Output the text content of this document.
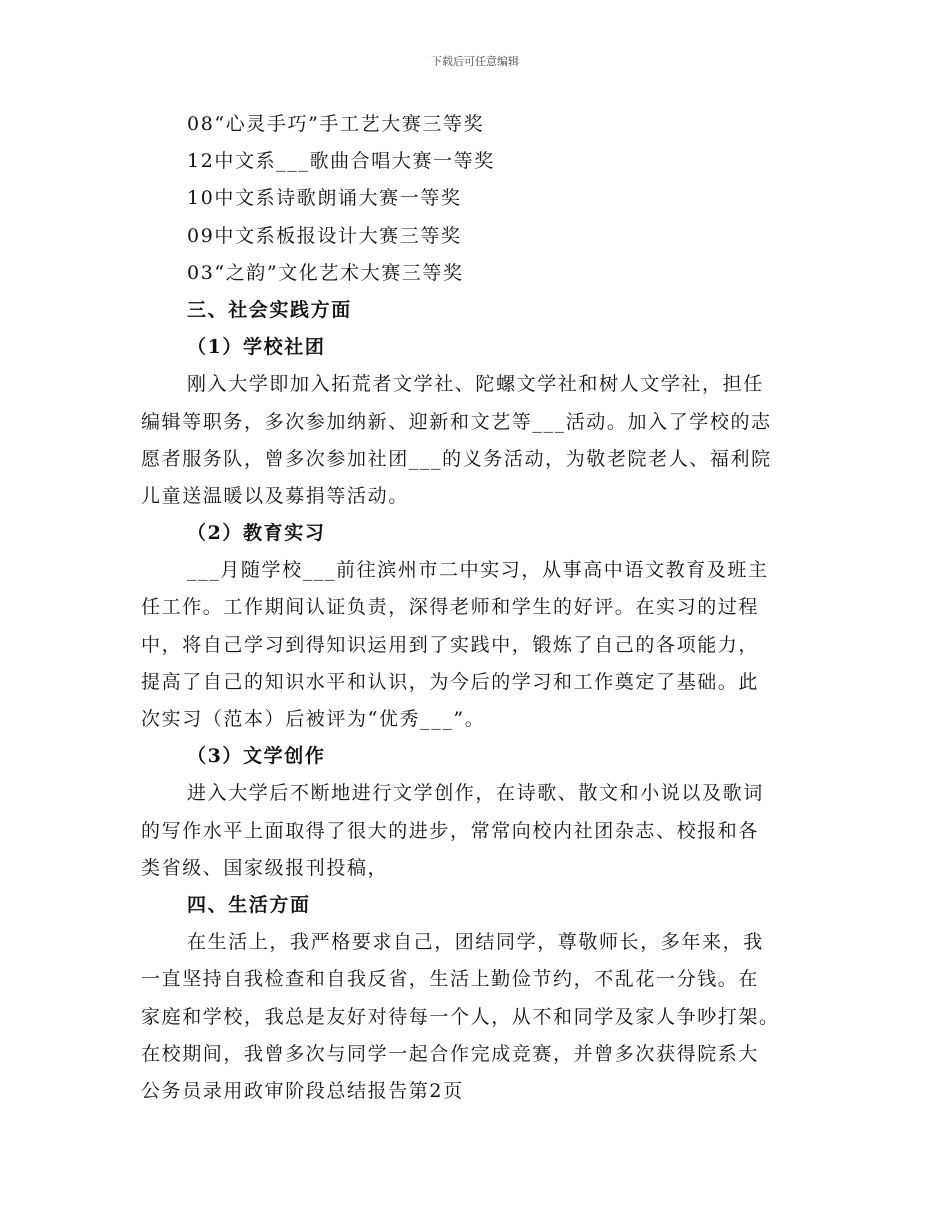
下载后可任意编辑
08“心灵手巧”手工艺大赛三等奖
12中文系___歌曲合唱大赛一等奖
10中文系诗歌朗诵大赛一等奖
09中文系板报设计大赛三等奖
03“之韵”文化艺术大赛三等奖
三、社会实践方面
（1）学校社团
刚入大学即加入拓荒者文学社、陀螺文学社和树人文学社，担任
编辑等职务，多次参加纳新、迎新和文艺等___活动。加入了学校的志
愿者服务队，曾多次参加社团___的义务活动，为敬老院老人、福利院
儿童送温暖以及募捐等活动。
（2）教育实习
___月随学校___前往滨州市二中实习，从事高中语文教育及班主
任工作。工作期间认证负责，深得老师和学生的好评。在实习的过程
中，将自己学习到得知识运用到了实践中，锻炼了自己的各项能力，
提高了自己的知识水平和认识，为今后的学习和工作奠定了基础。此
次实习（范本）后被评为“优秀___”。
（3）文学创作
进入大学后不断地进行文学创作，在诗歌、散文和小说以及歌词
的写作水平上面取得了很大的进步，常常向校内社团杂志、校报和各
类省级、国家级报刊投稿，
四、生活方面
在生活上，我严格要求自己，团结同学，尊敬师长，多年来，我
一直坚持自我检查和自我反省，生活上勤俭节约，不乱花一分钱。在
家庭和学校，我总是友好对待每一个人，从不和同学及家人争吵打架。
在校期间，我曾多次与同学一起合作完成竞赛，并曾多次获得院系大
公务员录用政审阶段总结报告第2页
